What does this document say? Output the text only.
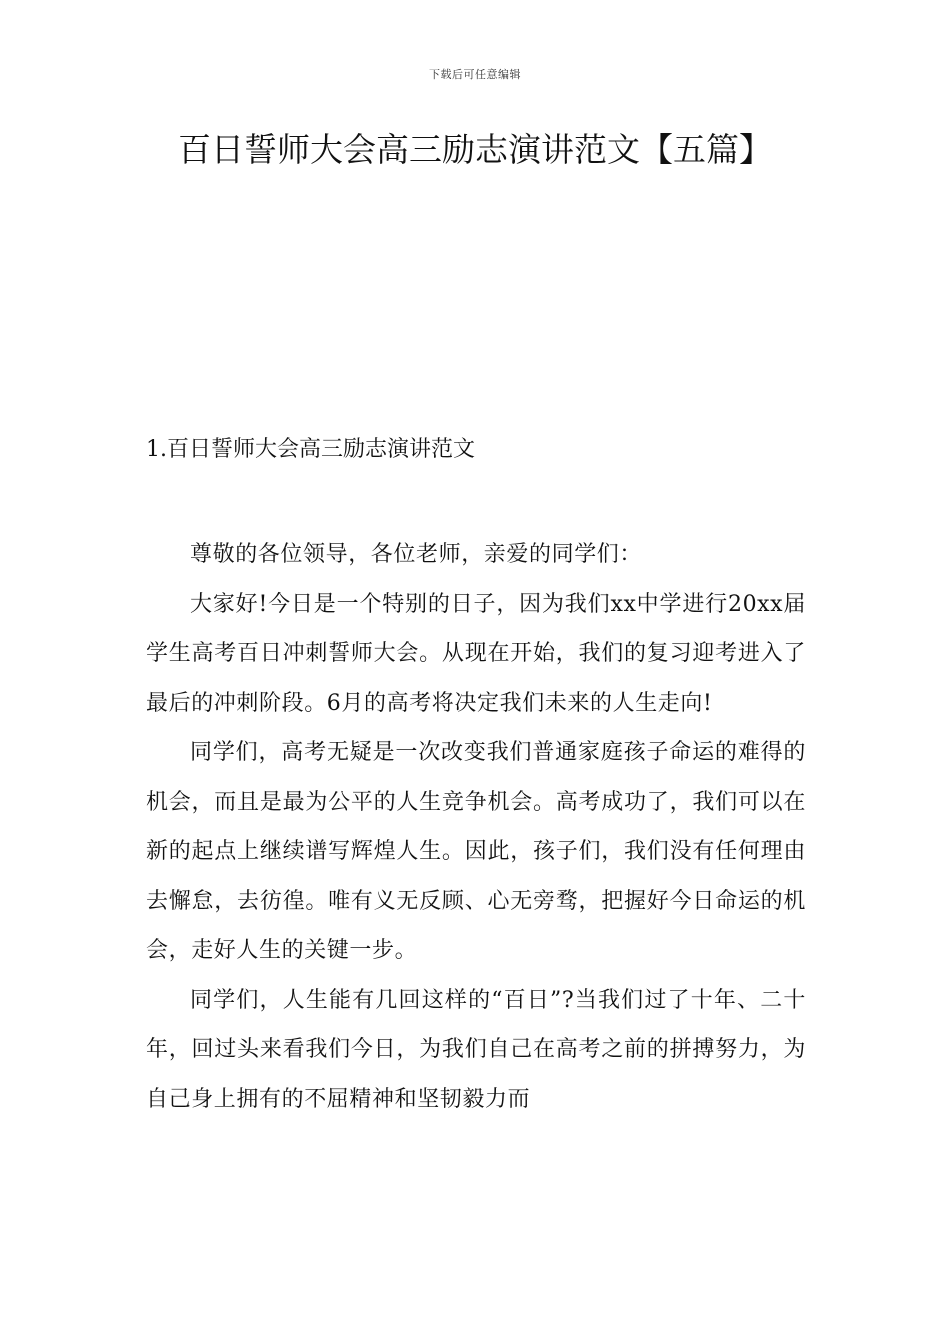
下载后可任意编辑
百日誓师大会高三励志演讲范文【五篇】
1.百日誓师大会高三励志演讲范文

尊敬的各位领导，各位老师，亲爱的同学们：

大家好!今日是一个特别的日子，因为我们xx中学进行20xx届学生高考百日冲刺誓师大会。从现在开始，我们的复习迎考进入了最后的冲刺阶段。6月的高考将决定我们未来的人生走向!

同学们，高考无疑是一次改变我们普通家庭孩子命运的难得的机会，而且是最为公平的人生竞争机会。高考成功了，我们可以在新的起点上继续谱写辉煌人生。因此，孩子们，我们没有任何理由去懈怠，去彷徨。唯有义无反顾、心无旁骛，把握好今日命运的机会，走好人生的关键一步。

同学们，人生能有几回这样的“百日”?当我们过了十年、二十年，回过头来看我们今日，为我们自己在高考之前的拼搏努力，为自己身上拥有的不屈精神和坚韧毅力而
